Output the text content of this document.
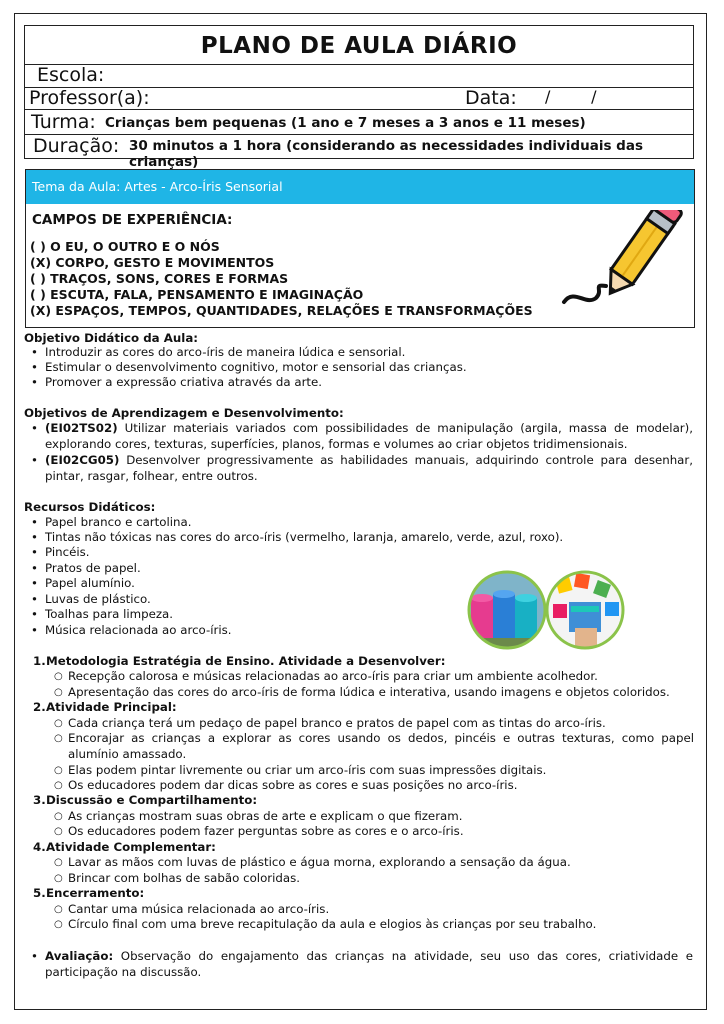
PLANO DE AULA DIÁRIO
Escola:
Professor(a):	Data: /        /
Turma: Crianças bem pequenas (1 ano e 7 meses a 3 anos e 11 meses)
Duração: 30 minutos a 1 hora (considerando as necessidades individuais das crianças)
Tema da Aula: Artes - Arco-Íris Sensorial
CAMPOS DE EXPERIÊNCIA:
( ) O EU, O OUTRO E O NÓS
(X) CORPO, GESTO E MOVIMENTOS
( ) TRAÇOS, SONS, CORES E FORMAS
( ) ESCUTA, FALA, PENSAMENTO E IMAGINAÇÃO
(X) ESPAÇOS, TEMPOS, QUANTIDADES, RELAÇÕES E TRANSFORMAÇÕES
Objetivo Didático da Aula:
• Introduzir as cores do arco-íris de maneira lúdica e sensorial.
• Estimular o desenvolvimento cognitivo, motor e sensorial das crianças.
• Promover a expressão criativa através da arte.
Objetivos de Aprendizagem e Desenvolvimento:
• (EI02TS02) Utilizar materiais variados com possibilidades de manipulação (argila, massa de modelar), explorando cores, texturas, superfícies, planos, formas e volumes ao criar objetos tridimensionais.
• (EI02CG05) Desenvolver progressivamente as habilidades manuais, adquirindo controle para desenhar, pintar, rasgar, folhear, entre outros.
Recursos Didáticos:
• Papel branco e cartolina.
• Tintas não tóxicas nas cores do arco-íris (vermelho, laranja, amarelo, verde, azul, roxo).
• Pincéis.
• Pratos de papel.
• Papel alumínio.
• Luvas de plástico.
• Toalhas para limpeza.
• Música relacionada ao arco-íris.
1. Metodologia Estratégia de Ensino. Atividade a Desenvolver:
○ Recepção calorosa e músicas relacionadas ao arco-íris para criar um ambiente acolhedor.
○ Apresentação das cores do arco-íris de forma lúdica e interativa, usando imagens e objetos coloridos.
2. Atividade Principal:
○ Cada criança terá um pedaço de papel branco e pratos de papel com as tintas do arco-íris.
○ Encorajar as crianças a explorar as cores usando os dedos, pincéis e outras texturas, como papel alumínio amassado.
○ Elas podem pintar livremente ou criar um arco-íris com suas impressões digitais.
○ Os educadores podem dar dicas sobre as cores e suas posições no arco-íris.
3. Discussão e Compartilhamento:
○ As crianças mostram suas obras de arte e explicam o que fizeram.
○ Os educadores podem fazer perguntas sobre as cores e o arco-íris.
4. Atividade Complementar:
○ Lavar as mãos com luvas de plástico e água morna, explorando a sensação da água.
○ Brincar com bolhas de sabão coloridas.
5. Encerramento:
○ Cantar uma música relacionada ao arco-íris.
○ Círculo final com uma breve recapitulação da aula e elogios às crianças por seu trabalho.
• Avaliação: Observação do engajamento das crianças na atividade, seu uso das cores, criatividade e participação na discussão.
